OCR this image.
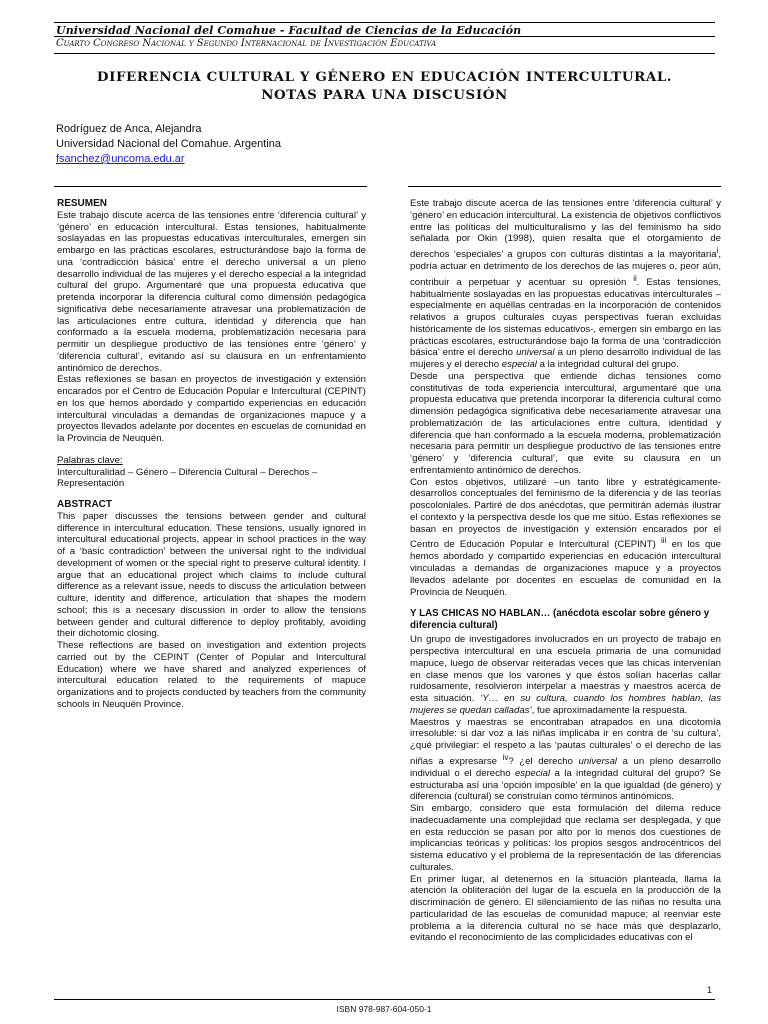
Universidad Nacional del Comahue - Facultad de Ciencias de la Educación
Cuarto Congreso Nacional y Segundo Internacional de Investigación Educativa
DIFERENCIA CULTURAL Y GÉNERO EN EDUCACIÓN INTERCULTURAL.
NOTAS PARA UNA DISCUSIÓN
Rodríguez de Anca, Alejandra
Universidad Nacional del Comahue. Argentina
fsanchez@uncoma.edu.ar

RESUMEN

Este trabajo discute acerca de las tensiones entre ‘diferencia cultural’ y ‘género’ en educación intercultural. Estas tensiones, habitualmente soslayadas en las propuestas educativas interculturales, emergen sin embargo en las prácticas escolares, estructurándose bajo la forma de una ‘contradicción básica’ entre el derecho universal a un pleno desarrollo individual de las mujeres y el derecho especial a la integridad cultural del grupo. Argumentaré que una propuesta educativa que pretenda incorporar la diferencia cultural como dimensión pedagógica significativa debe necesariamente atravesar una problematización de las articulaciones entre cultura, identidad y diferencia que han conformado a la escuela moderna, problematización necesaria para permitir un despliegue productivo de las tensiones entre ‘género’ y ‘diferencia cultural’, evitando así su clausura en un enfrentamiento antinómico de derechos.

Estas reflexiones se basan en proyectos de investigación y extensión encarados por el Centro de Educación Popular e Intercultural (CEPINT) en los que hemos abordado y compartido experiencias en educación intercultural vinculadas a demandas de organizaciones mapuce y a proyectos llevados adelante por docentes en escuelas de comunidad en la Provincia de Neuquén.

Palabras clave:

Interculturalidad – Género – Diferencia Cultural – Derechos – Representación

ABSTRACT

This paper discusses the tensions between gender and cultural difference in intercultural education. These tensions, usually ignored in intercultural educational projects, appear in school practices in the way of a ‘basic contradiction’ between the universal right to the individual development of women or the special right to preserve cultural identity. I argue that an educational project which claims to include cultural difference as a relevant issue, needs to discuss the articulation between culture, identity and difference, articulation that shapes the modern school; this is a necesary discussion in order to allow the tensions between gender and cultural difference to deploy profitably, avoiding their dichotomic closing.

These reflections are based on investigation and extention projects carried out by the CEPINT (Center of Popular and Intercultural Education) where we have shared and analyzed experiences of intercultural education related to the requirements of mapuce organizations and to projects conducted by teachers from the community schools in Neuquén Province.

Este trabajo discute acerca de las tensiones entre ‘diferencia cultural’ y ‘género’ en educación intercultural. La existencia de objetivos conflictivos entre las políticas del multiculturalismo y las del feminismo ha sido señalada por Okin (1998), quien resalta que el otorgamiento de derechos ‘especiales’ a grupos con culturas distintas a la mayoritaria$^i$, podría actuar en detrimento de los derechos de las mujeres o, peor aún, contribuir a perpetuar y acentuar su opresión $^{ii}$. Estas tensiones, habitualmente soslayadas en las propuestas educativas interculturales – especialmente en aquéllas centradas en la incorporación de contenidos relativos a grupos culturales cuyas perspectivas fueran excluidas históricamente de los sistemas educativos-, emergen sin embargo en las prácticas escolares, estructurándose bajo la forma de una ‘contradicción básica’ entre el derecho universal a un pleno desarrollo individual de las mujeres y el derecho especial a la integridad cultural del grupo.

Desde una perspectiva que entiende dichas tensiones como constitutivas de toda experiencia intercultural, argumentaré que una propuesta educativa que pretenda incorporar la diferencia cultural como dimensión pedagógica significativa debe necesariamente atravesar una problematización de las articulaciones entre cultura, identidad y diferencia que han conformado a la escuela moderna, problematización necesaria para permitir un despliegue productivo de las tensiones entre ‘género’ y ‘diferencia cultural’, que evite su clausura en un enfrentamiento antinómico de derechos.

Con estos objetivos, utilizaré –un tanto libre y estratégicamente- desarrollos conceptuales del feminismo de la diferencia y de las teorías poscoloniales. Partiré de dos anécdotas, que permitirán además ilustrar el contexto y la perspectiva desde los que me sitúo. Estas reflexiones se basan en proyectos de investigación y extensión encarados por el Centro de Educación Popular e Intercultural (CEPINT) $^{iii}$ en los que hemos abordado y compartido experiencias en educación intercultural vinculadas a demandas de organizaciones mapuce y a proyectos llevados adelante por docentes en escuelas de comunidad en la Provincia de Neuquén.

Y LAS CHICAS NO HABLAN… (anécdota escolar sobre género y diferencia cultural)

Un grupo de investigadores involucrados en un proyecto de trabajo en perspectiva intercultural en una escuela primaria de una comunidad mapuce, luego de observar reiteradas veces que las chicas intervenían en clase menos que los varones y que éstos solían hacerlas callar ruidosamente, resolvieron interpelar a maestras y maestros acerca de esta situación. ‘Y… en su cultura, cuando los hombres hablan, las mujeres se quedan calladas’, fue aproximadamente la respuesta.

Maestros y maestras se encontraban atrapados en una dicotomía irresoluble: si dar voz a las niñas implicaba ir en contra de ‘su cultura’, ¿qué privilegiar: el respeto a las ‘pautas culturales’ o el derecho de las niñas a expresarse $^{iv}$? ¿el derecho universal a un pleno desarrollo individual o el derecho especial a la integridad cultural del grupo? Se estructuraba así una ‘opción imposible’ en la que igualdad (de género) y diferencia (cultural) se construían como términos antinómicos.

Sin embargo, considero que esta formulación del dilema reduce inadecuadamente una complejidad que reclama ser desplegada, y que en esta reducción se pasan por alto por lo menos dos cuestiones de implicancias teóricas y políticas: los propios sesgos androcéntricos del sistema educativo y el problema de la representación de las diferencias culturales.

En primer lugar, al detenernos en la situación planteada, llama la atención la obliteración del lugar de la escuela en la producción de la discriminación de género. El silenciamiento de las niñas no resulta una particularidad de las escuelas de comunidad mapuce; al reenviar este problema a la diferencia cultural no se hace más que desplazarlo, evitando el reconocimiento de las complicidades educativas con el

1
ISBN 978-987-604-050-1
